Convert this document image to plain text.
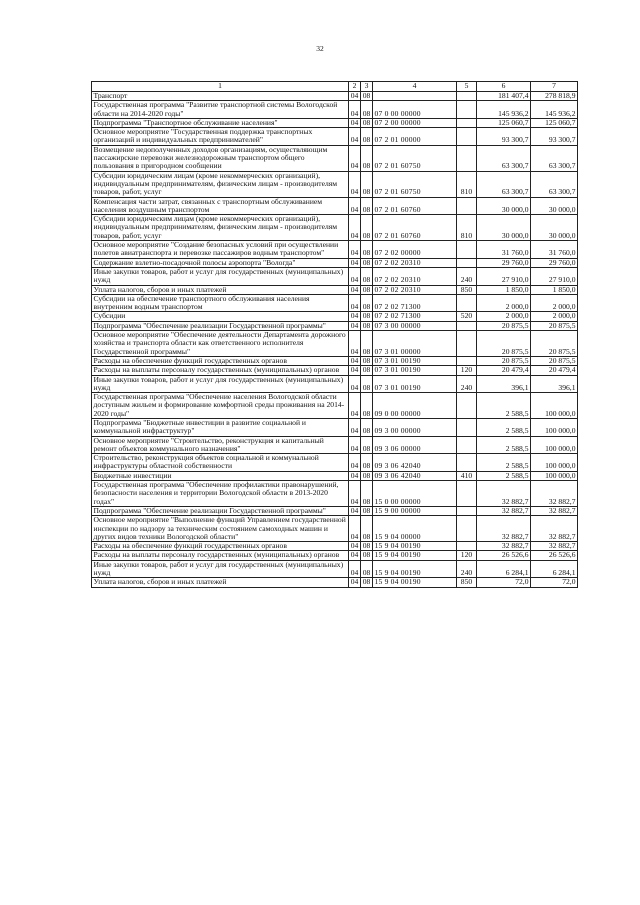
32
1	2	3	4	5	6	7
Транспорт	04	08			181 407,4	278 818,9
Государственная программа "Развитие транспортной системы Вологодской области на 2014-2020 годы"	04	08	07 0 00 00000		145 936,2	145 936,2
Подпрограмма "Транспортное обслуживание населения"	04	08	07 2 00 00000		125 060,7	125 060,7
Основное мероприятие "Государственная поддержка транспортных организаций и индивидуальных предпринимателей"	04	08	07 2 01 00000		93 300,7	93 300,7
Возмещение недополученных доходов организациям, осуществляющим пассажирские перевозки железнодорожным транспортом общего пользования в пригородном сообщении	04	08	07 2 01 60750		63 300,7	63 300,7
Субсидии юридическим лицам (кроме некоммерческих организаций), индивидуальным предпринимателям, физическим лицам - производителям товаров, работ, услуг	04	08	07 2 01 60750	810	63 300,7	63 300,7
Компенсация части затрат, связанных с транспортным обслуживанием населения воздушным транспортом	04	08	07 2 01 60760		30 000,0	30 000,0
Субсидии юридическим лицам (кроме некоммерческих организаций), индивидуальным предпринимателям, физическим лицам - производителям товаров, работ, услуг	04	08	07 2 01 60760	810	30 000,0	30 000,0
Основное мероприятие "Создание безопасных условий при осуществлении полетов авиатранспорта и перевозке пассажиров водным транспортом"	04	08	07 2 02 00000		31 760,0	31 760,0
Содержание взлетно-посадочной полосы аэропорта "Вологда"	04	08	07 2 02 20310		29 760,0	29 760,0
Иные закупки товаров, работ и услуг для государственных (муниципальных) нужд	04	08	07 2 02 20310	240	27 910,0	27 910,0
Уплата налогов, сборов и иных платежей	04	08	07 2 02 20310	850	1 850,0	1 850,0
Субсидии на обеспечение транспортного обслуживания населения внутренним водным транспортом	04	08	07 2 02 71300		2 000,0	2 000,0
Субсидии	04	08	07 2 02 71300	520	2 000,0	2 000,0
Подпрограмма "Обеспечение реализации Государственной программы"	04	08	07 3 00 00000		20 875,5	20 875,5
Основное мероприятие "Обеспечение деятельности Департамента дорожного хозяйства и транспорта области как ответственного исполнителя Государственной программы"	04	08	07 3 01 00000		20 875,5	20 875,5
Расходы на обеспечение функций государственных органов	04	08	07 3 01 00190		20 875,5	20 875,5
Расходы на выплаты персоналу государственных (муниципальных) органов	04	08	07 3 01 00190	120	20 479,4	20 479,4
Иные закупки товаров, работ и услуг для государственных (муниципальных) нужд	04	08	07 3 01 00190	240	396,1	396,1
Государственная программа "Обеспечение населения Вологодской области доступным жильем и формирование комфортной среды проживания на 2014-2020 годы"	04	08	09 0 00 00000		2 588,5	100 000,0
Подпрограмма "Бюджетные инвестиции в развитие социальной и коммунальной инфраструктур"	04	08	09 3 00 00000		2 588,5	100 000,0
Основное мероприятие "Строительство, реконструкция и капитальный ремонт объектов коммунального назначения"	04	08	09 3 06 00000		2 588,5	100 000,0
Строительство, реконструкция объектов социальной и коммунальной инфраструктуры областной собственности	04	08	09 3 06 42040		2 588,5	100 000,0
Бюджетные инвестиции	04	08	09 3 06 42040	410	2 588,5	100 000,0
Государственная программа "Обеспечение профилактики правонарушений, безопасности населения и территории Вологодской области в 2013-2020 годах"	04	08	15 0 00 00000		32 882,7	32 882,7
Подпрограмма "Обеспечение реализации Государственной программы"	04	08	15 9 00 00000		32 882,7	32 882,7
Основное мероприятие "Выполнение функций Управлением государственной инспекции по надзору за техническим состоянием самоходных машин и других видов техники Вологодской области"	04	08	15 9 04 00000		32 882,7	32 882,7
Расходы на обеспечение функций государственных органов	04	08	15 9 04 00190		32 882,7	32 882,7
Расходы на выплаты персоналу государственных (муниципальных) органов	04	08	15 9 04 00190	120	26 526,6	26 526,6
Иные закупки товаров, работ и услуг для государственных (муниципальных) нужд	04	08	15 9 04 00190	240	6 284,1	6 284,1
Уплата налогов, сборов и иных платежей	04	08	15 9 04 00190	850	72,0	72,0
